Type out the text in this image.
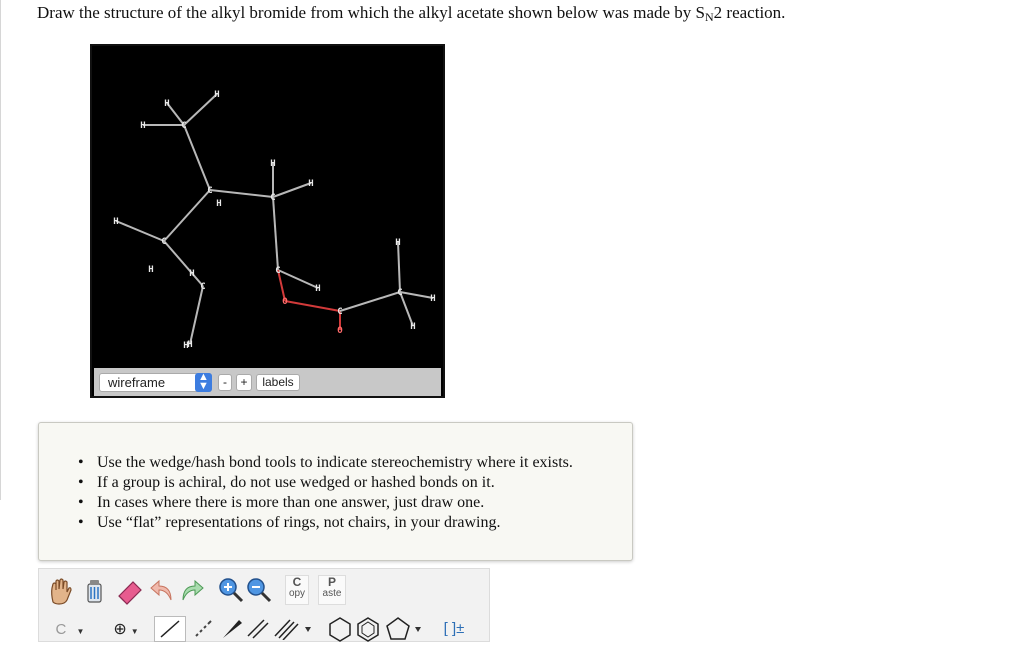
Draw the structure of the alkyl bromide from which the alkyl acetate shown below was made by $S_N2$ reaction.
H
H
H	C
H
C
H
C
H
H
C
H	H
C
H
C
H
O
C
O
C
H
H
H
H
wireframe	▲
▼	-	+	labels
• Use the wedge/hash bond tools to indicate stereochemistry where it exists.
• If a group is achiral, do not use wedged or hashed bonds on it.
• In cases where there is more than one answer, just draw one.
• Use “flat” representations of rings, not chairs, in your drawing.
C
opy
P
aste
C ▼	⊕ ▼	[ ]±
